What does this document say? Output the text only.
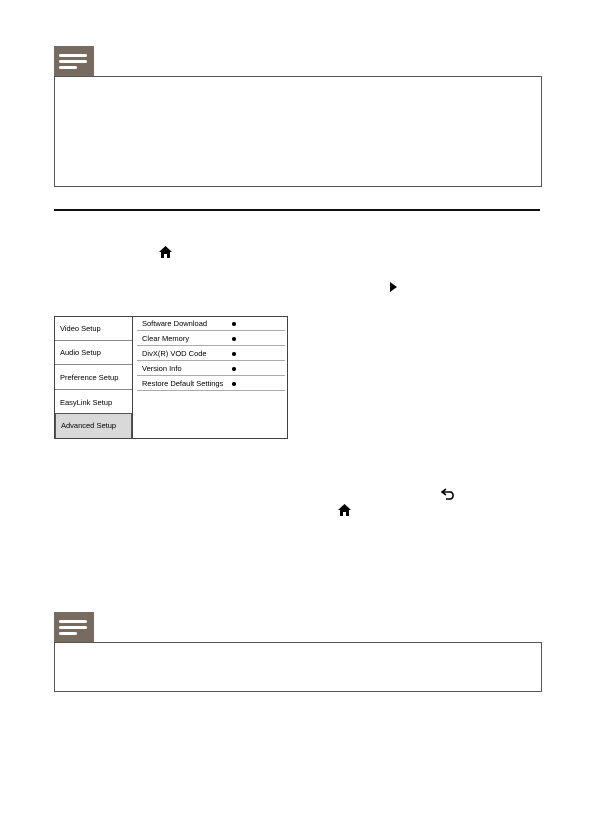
Video Setup
Audio Setup
Preference Setup
EasyLink Setup
Advanced Setup
Software Download
Clear Memory
DivX(R) VOD Code
Version Info
Restore Default Settings
